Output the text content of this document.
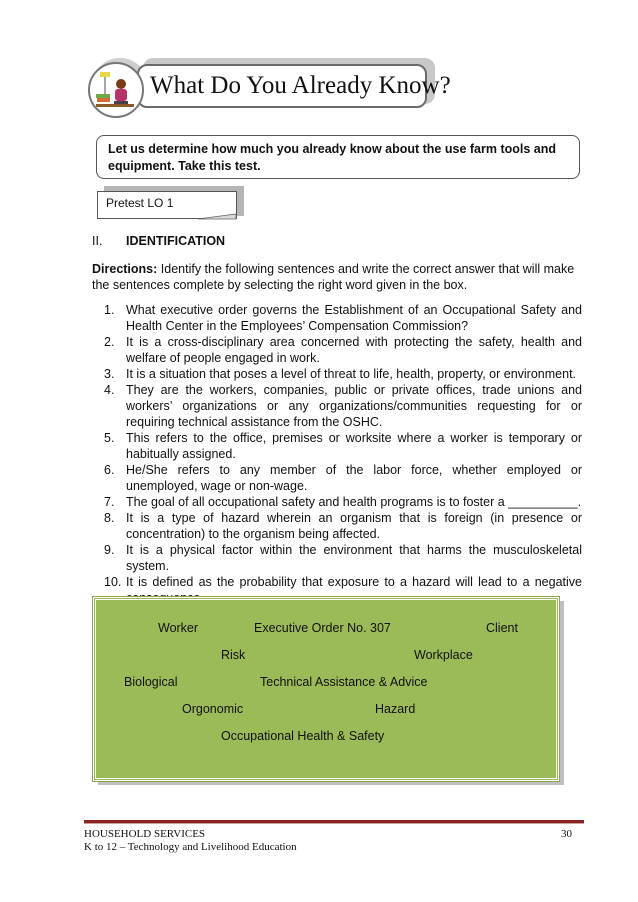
What Do You Already Know?
Let us determine how much you already know about the use farm tools and equipment. Take this test.
Pretest LO 1
II. IDENTIFICATION
Directions: Identify the following sentences and write the correct answer that will make the sentences complete by selecting the right word given in the box.
1. What executive order governs the Establishment of an Occupational Safety and Health Center in the Employees’ Compensation Commission?
2. It is a cross-disciplinary area concerned with protecting the safety, health and welfare of people engaged in work.
3. It is a situation that poses a level of threat to life, health, property, or environment.
4. They are the workers, companies, public or private offices, trade unions and workers’ organizations or any organizations/communities requesting for or requiring technical assistance from the OSHC.
5. This refers to the office, premises or worksite where a worker is temporary or habitually assigned.
6. He/She refers to any member of the labor force, whether employed or unemployed, wage or non-wage.
7. The goal of all occupational safety and health programs is to foster a __________.
8. It is a type of hazard wherein an organism that is foreign (in presence or concentration) to the organism being affected.
9. It is a physical factor within the environment that harms the musculoskeletal system.
10. It is defined as the probability that exposure to a hazard will lead to a negative
Worker	Executive Order No. 307	Client
Risk	Workplace
Biological	Technical Assistance & Advice
Orgonomic	Hazard
Occupational Health & Safety
HOUSEHOLD SERVICES
K to 12 – Technology and Livelihood Education
30
